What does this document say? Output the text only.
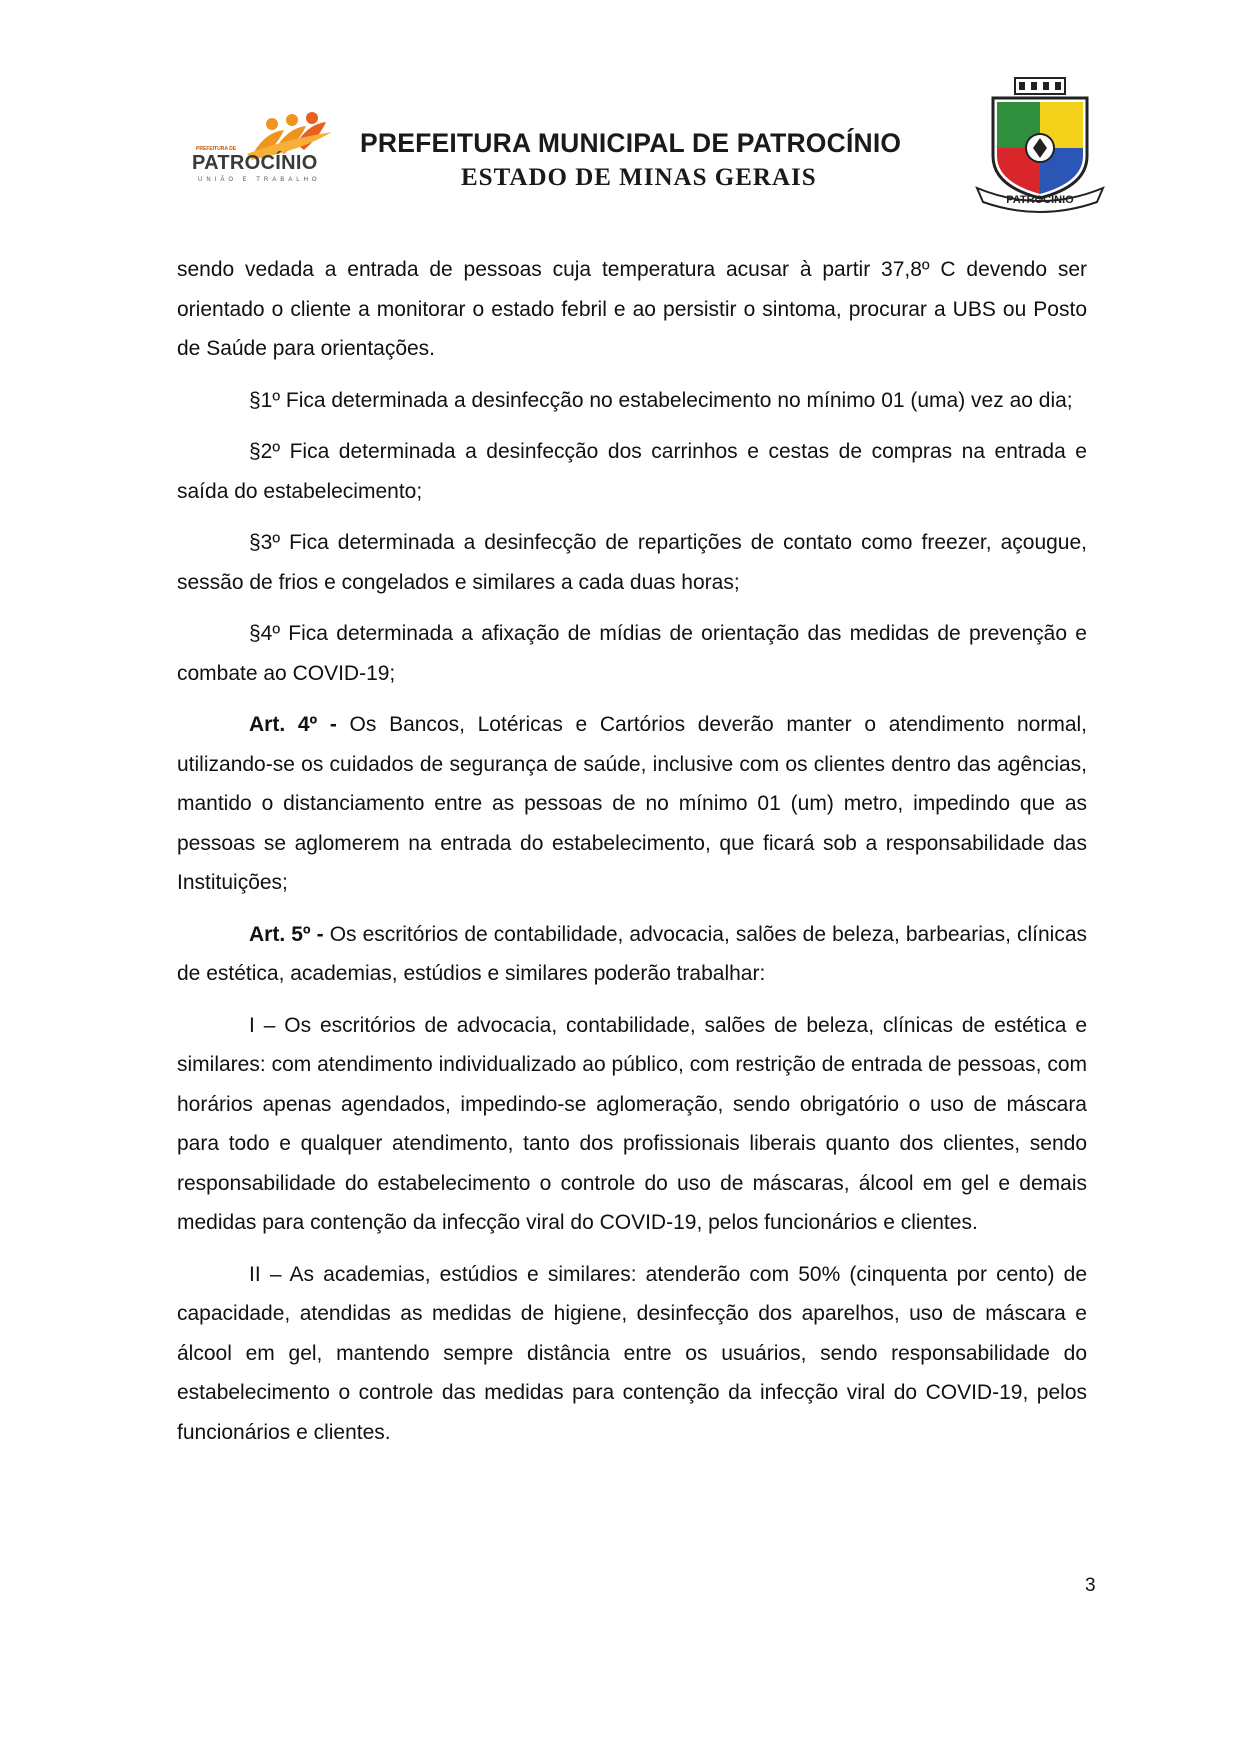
PREFEITURA DE
PATROCÍNIO
UNIÃO E TRABALHO
PREFEITURA MUNICIPAL DE PATROCÍNIO
ESTADO DE MINAS GERAIS
PATROCÍNIO

sendo vedada a entrada de pessoas cuja temperatura acusar à partir 37,8º C devendo ser orientado o cliente a monitorar o estado febril e ao persistir o sintoma, procurar a UBS ou Posto de Saúde para orientações.

§1º Fica determinada a desinfecção no estabelecimento no mínimo 01 (uma) vez ao dia;

§2º Fica determinada a desinfecção dos carrinhos e cestas de compras na entrada e saída do estabelecimento;

§3º Fica determinada a desinfecção de repartições de contato como freezer, açougue, sessão de frios e congelados e similares a cada duas horas;

§4º Fica determinada a afixação de mídias de orientação das medidas de prevenção e combate ao COVID-19;

Art. 4º - Os Bancos, Lotéricas e Cartórios deverão manter o atendimento normal, utilizando-se os cuidados de segurança de saúde, inclusive com os clientes dentro das agências, mantido o distanciamento entre as pessoas de no mínimo 01 (um) metro, impedindo que as pessoas se aglomerem na entrada do estabelecimento, que ficará sob a responsabilidade das Instituições;

Art. 5º - Os escritórios de contabilidade, advocacia, salões de beleza, barbearias, clínicas de estética, academias, estúdios e similares poderão trabalhar:

I – Os escritórios de advocacia, contabilidade, salões de beleza, clínicas de estética e similares: com atendimento individualizado ao público, com restrição de entrada de pessoas, com horários apenas agendados, impedindo-se aglomeração, sendo obrigatório o uso de máscara para todo e qualquer atendimento, tanto dos profissionais liberais quanto dos clientes, sendo responsabilidade do estabelecimento o controle do uso de máscaras, álcool em gel e demais medidas para contenção da infecção viral do COVID-19, pelos funcionários e clientes.

II – As academias, estúdios e similares: atenderão com 50% (cinquenta por cento) de capacidade, atendidas as medidas de higiene, desinfecção dos aparelhos, uso de máscara e álcool em gel, mantendo sempre distância entre os usuários, sendo responsabilidade do estabelecimento o controle das medidas para contenção da infecção viral do COVID-19, pelos funcionários e clientes.

3
